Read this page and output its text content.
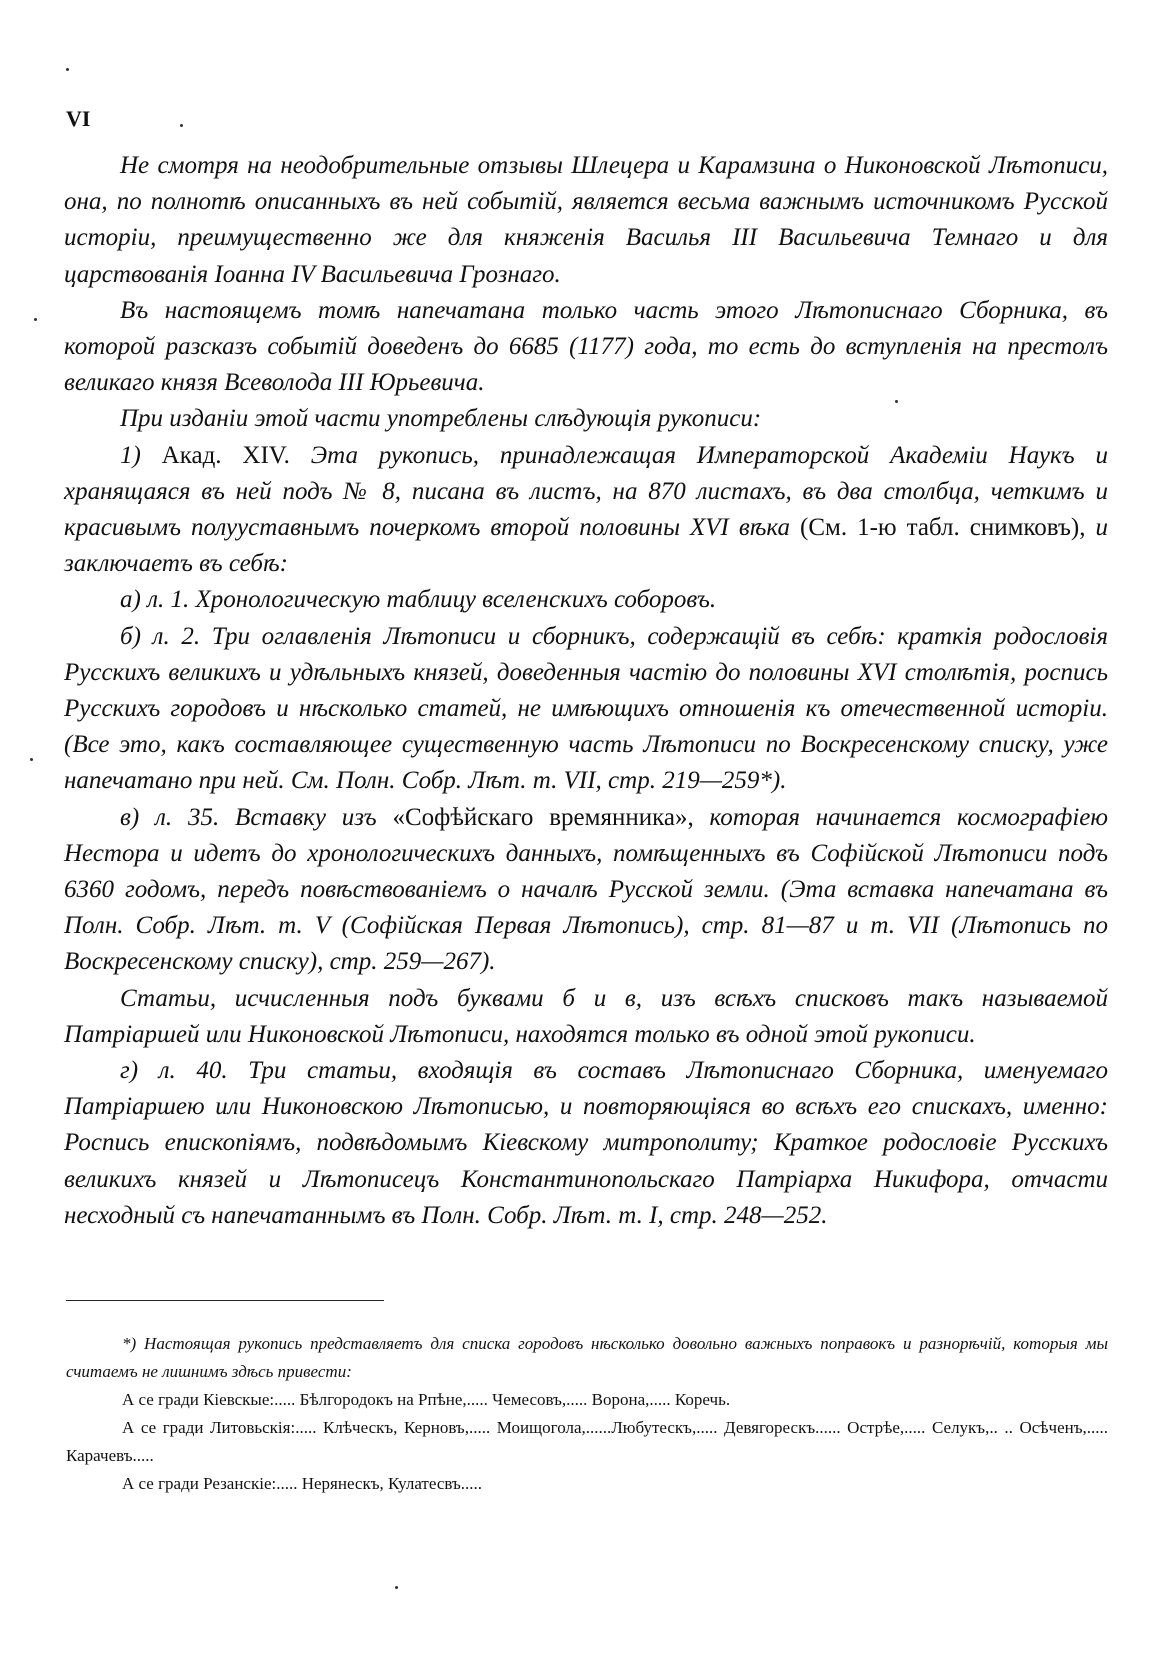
VI

Не смотря на неодобрительные отзывы Шлецера и Карамзина о Никоновской Лѣтописи, она, по полнотѣ описанныхъ въ ней событій, является весьма важнымъ источникомъ Русской исторіи, преимущественно же для княженія Василья III Васильевича Темнаго и для царствованія Іоанна IV Васильевича Грознаго.

Въ настоящемъ томѣ напечатана только часть этого Лѣтописнаго Сборника, въ которой разсказъ событій доведенъ до 6685 (1177) года, то есть до вступленія на престолъ великаго князя Всеволода III Юрьевича.

При изданіи этой части употреблены слѣдующія рукописи:

1) Акад. XIV. Эта рукопись, принадлежащая Императорской Академіи Наукъ и хранящаяся въ ней подъ № 8, писана въ листъ, на 870 листахъ, въ два столбца, четкимъ и красивымъ полууставнымъ почеркомъ второй половины XVI вѣка (См. 1-ю табл. снимковъ), и заключаетъ въ себѣ:

а) л. 1. Хронологическую таблицу вселенскихъ соборовъ.

б) л. 2. Три оглавленія Лѣтописи и сборникъ, содержащій въ себѣ: краткія родословія Русскихъ великихъ и удѣльныхъ князей, доведенныя частію до половины XVI столѣтія, роспись Русскихъ городовъ и нѣсколько статей, не имѣющихъ отношенія къ отечественной исторіи. (Все это, какъ составляющее существенную часть Лѣтописи по Воскресенскому списку, уже напечатано при ней. См. Полн. Собр. Лѣт. т. VII, стр. 219—259*).

в) л. 35. Вставку изъ «Софѣйскаго времянника», которая начинается космографіею Нестора и идетъ до хронологическихъ данныхъ, помѣщенныхъ въ Софійской Лѣтописи подъ 6360 годомъ, передъ повѣствованіемъ о началѣ Русской земли. (Эта вставка напечатана въ Полн. Собр. Лѣт. т. V (Софійская Первая Лѣтопись), стр. 81—87 и т. VII (Лѣтопись по Воскресенскому списку), стр. 259—267).

Статьи, исчисленныя подъ буквами б и в, изъ всѣхъ списковъ такъ называемой Патріаршей или Никоновской Лѣтописи, находятся только въ одной этой рукописи.

г) л. 40. Три статьи, входящія въ составъ Лѣтописнаго Сборника, именуемаго Патріаршею или Никоновскою Лѣтописью, и повторяющіяся во всѣхъ его спискахъ, именно: Роспись епископіямъ, подвѣдомымъ Кіевскому митрополиту; Краткое родословіе Русскихъ великихъ князей и Лѣтописецъ Константинопольскаго Патріарха Никифора, отчасти несходный съ напечатаннымъ въ Полн. Собр. Лѣт. т. I, стр. 248—252.

*) Настоящая рукопись представляетъ для списка городовъ нѣсколько довольно важныхъ поправокъ и разнорѣчій, которыя мы считаемъ не лишнимъ здѣсь привести:

А се гради Кіевскые:..... Бѣлгородокъ на Рпѣне,..... Чемесовъ,..... Ворона,..... Коречь.

А се гради Литовьскія:..... Клѣческъ, Керновъ,..... Моищогола,......Любутескъ,..... Девягорескъ...... Острѣе,..... Селукъ,.. .. Осѣченъ,..... Карачевъ.....

А се гради Резанскіе:..... Нерянескъ, Кулатесвъ.....
